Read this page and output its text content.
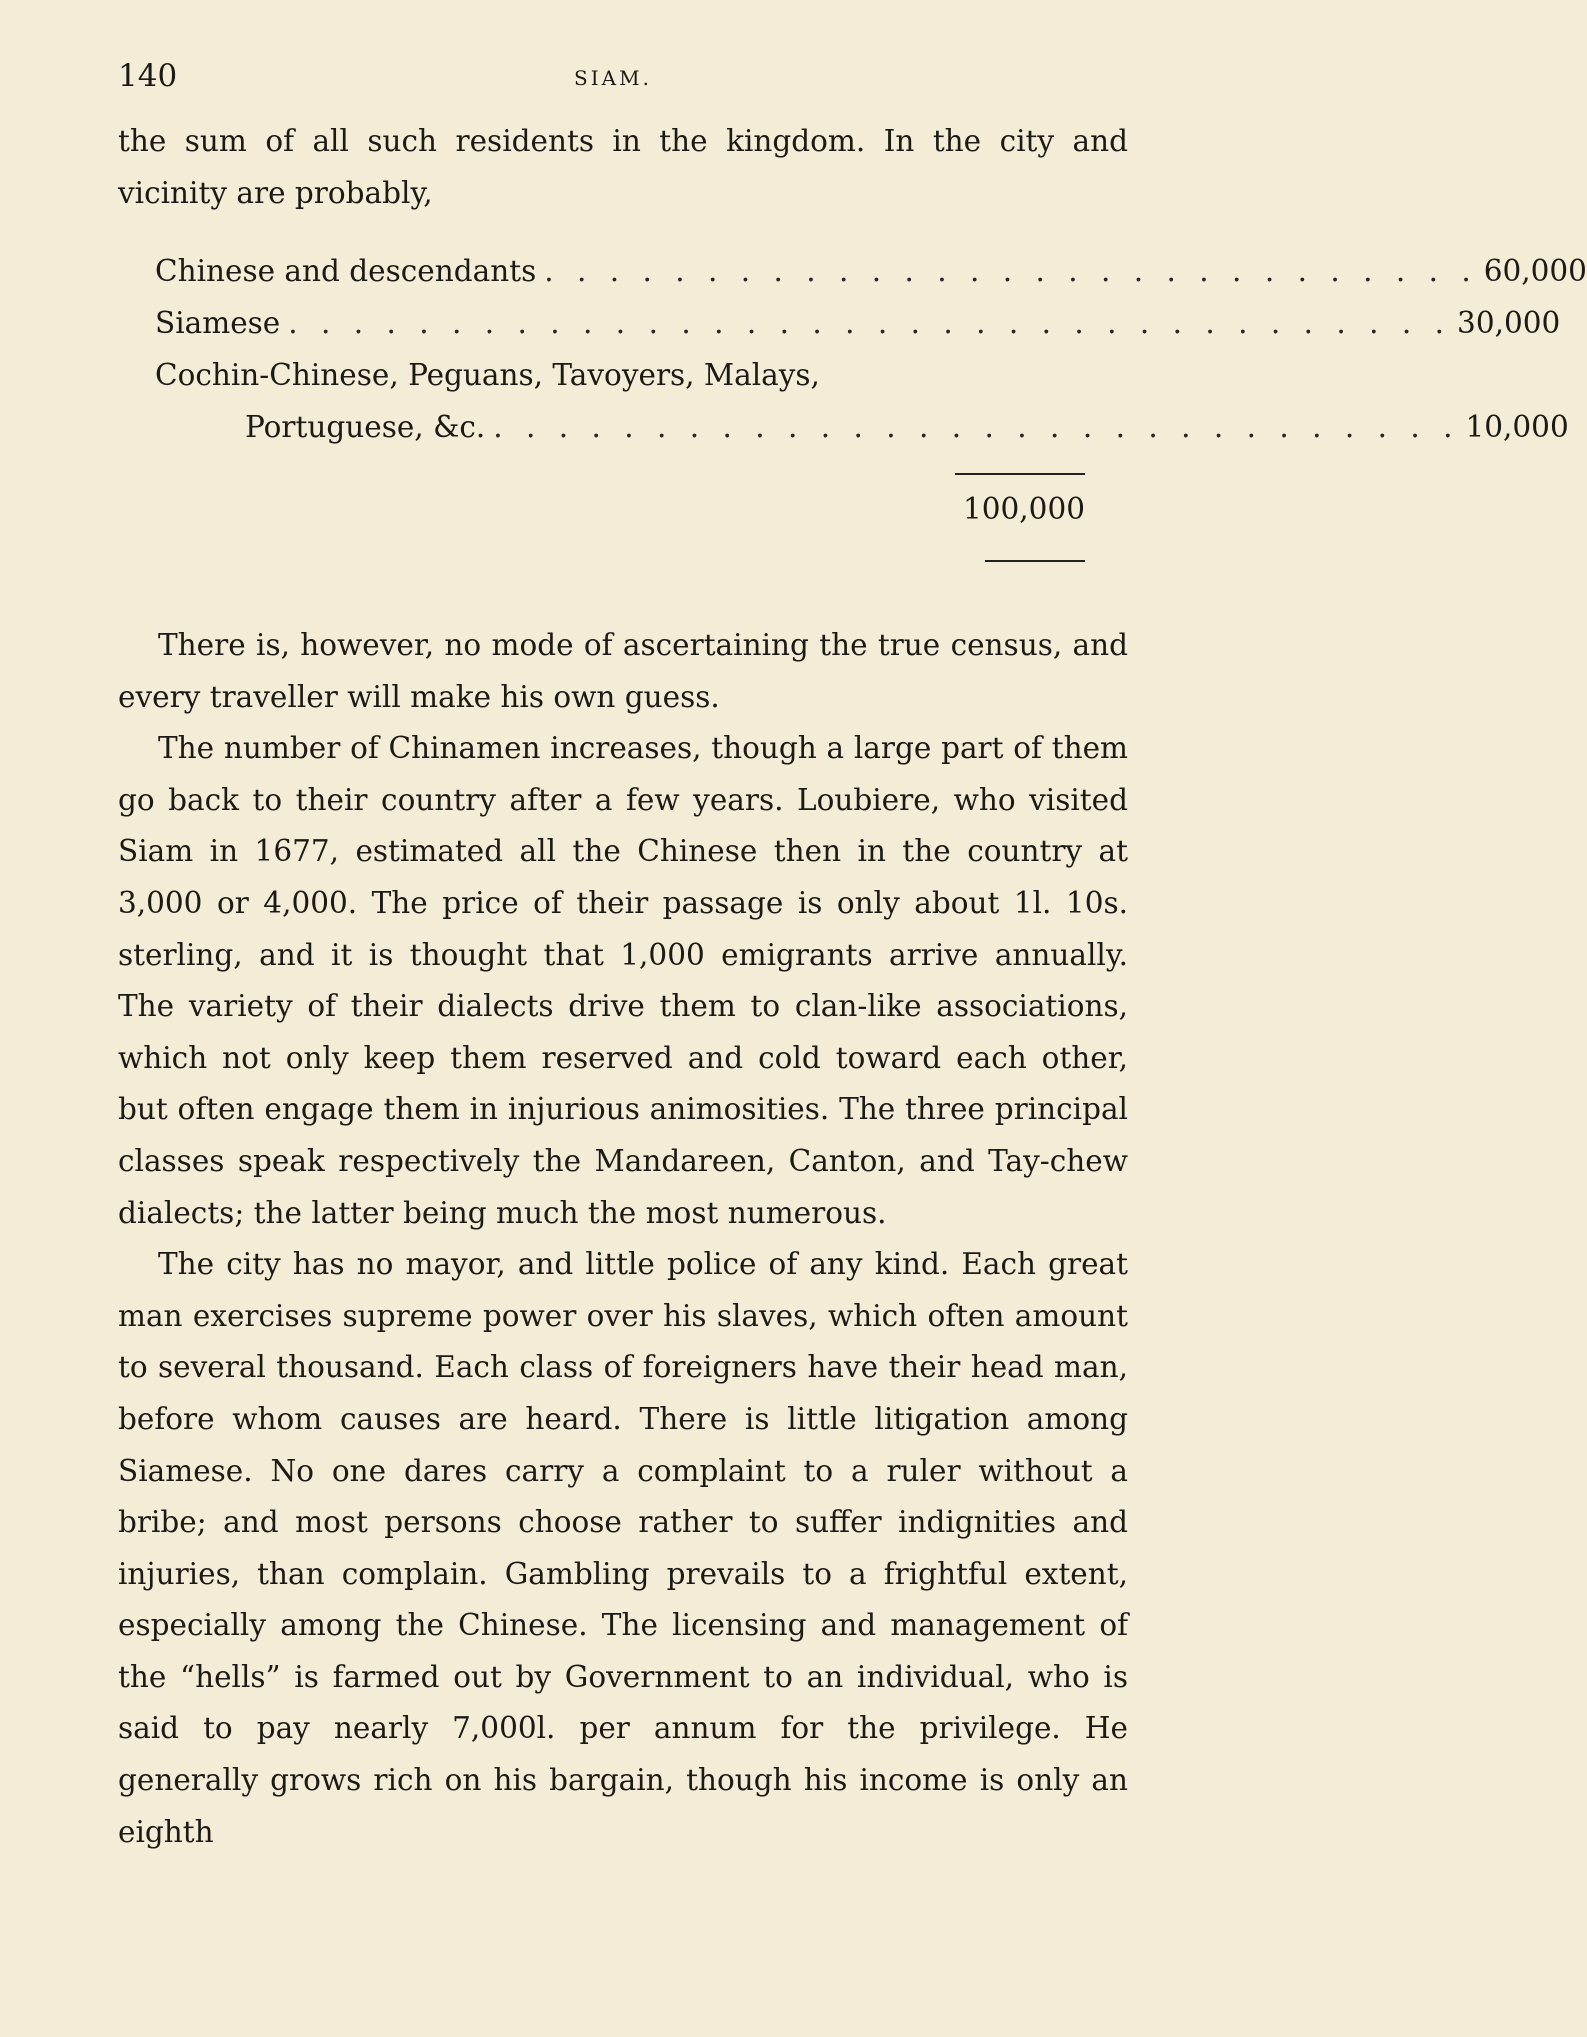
140	SIAM.

the sum of all such residents in the kingdom. In the city and vicinity are probably,

Chinese and descendants . . . . . . . . . . . . . . . . . . . . . . . . . . . . . 60,000
Siamese . . . . . . . . . . . . . . . . . . . . . . . . . . . . . . . . . . . . 30,000
Cochin-Chinese, Peguans, Tavoyers, Malays,
Portuguese, &c. . . . . . . . . . . . . . . . . . . . . . . . . . . . . . . 10,000
100,000

There is, however, no mode of ascertaining the true census, and every traveller will make his own guess.

The number of Chinamen increases, though a large part of them go back to their country after a few years. Loubiere, who visited Siam in 1677, estimated all the Chinese then in the country at 3,000 or 4,000. The price of their passage is only about 1l. 10s. sterling, and it is thought that 1,000 emigrants arrive annually. The variety of their dialects drive them to clan-like associations, which not only keep them reserved and cold toward each other, but often engage them in injurious animosities. The three principal classes speak respectively the Mandareen, Canton, and Tay-chew dialects; the latter being much the most numerous.

The city has no mayor, and little police of any kind. Each great man exercises supreme power over his slaves, which often amount to several thousand. Each class of foreigners have their head man, before whom causes are heard. There is little litigation among Siamese. No one dares carry a complaint to a ruler without a bribe; and most persons choose rather to suffer indignities and injuries, than complain. Gambling prevails to a frightful extent, especially among the Chinese. The licensing and management of the “hells” is farmed out by Government to an individual, who is said to pay nearly 7,000l. per annum for the privilege. He generally grows rich on his bargain, though his income is only an eighth
